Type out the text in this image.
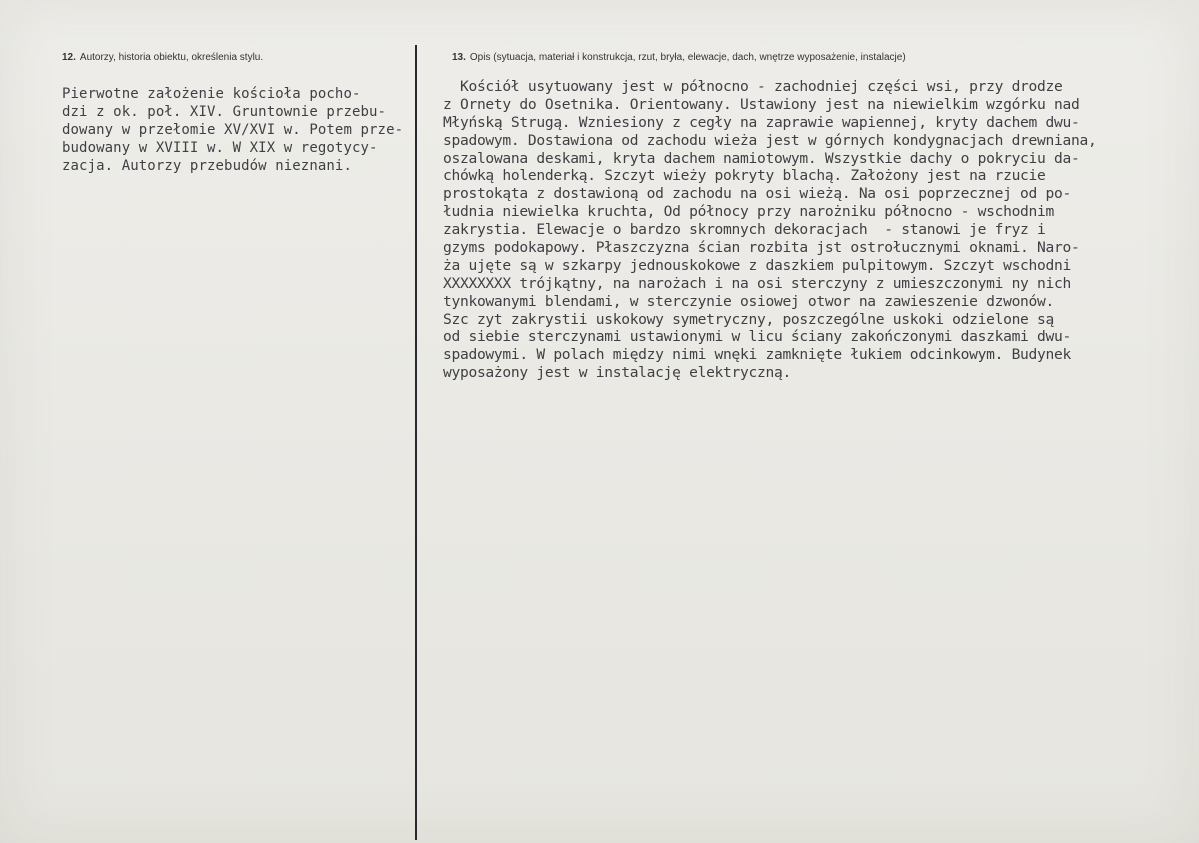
12. Autorzy, historia obiektu, określenia stylu.	13. Opis (sytuacja, materiał i konstrukcja, rzut, bryła, elewacje, dach, wnętrze wyposażenie, instalacje)
Pierwotne założenie kościoła pocho-
dzi z ok. poł. XIV. Gruntownie przebu-
dowany w przełomie XV/XVI w. Potem prze-
budowany w XVIII w. W XIX w regotycy-
zacja. Autorzy przebudów nieznani.
Kościół usytuowany jest w północno - zachodniej części wsi, przy drodze
z Ornety do Osetnika. Orientowany. Ustawiony jest na niewielkim wzgórku nad
Młyńską Strugą. Wzniesiony z cegły na zaprawie wapiennej, kryty dachem dwu-
spadowym. Dostawiona od zachodu wieża jest w górnych kondygnacjach drewniana,
oszalowana deskami, kryta dachem namiotowym. Wszystkie dachy o pokryciu da-
chówką holenderką. Szczyt wieży pokryty blachą. Założony jest na rzucie
prostokąta z dostawioną od zachodu na osi wieżą. Na osi poprzecznej od po-
łudnia niewielka kruchta, Od północy przy narożniku północno - wschodnim
zakrystia. Elewacje o bardzo skromnych dekoracjach  - stanowi je fryz i
gzyms podokapowy. Płaszczyzna ścian rozbita jst ostrołucznymi oknami. Naro-
ża ujęte są w szkarpy jednouskokowe z daszkiem pulpitowym. Szczyt wschodni
XXXXXXXX trójkątny, na narożach i na osi sterczyny z umieszczonymi ny nich
tynkowanymi blendami, w sterczynie osiowej otwor na zawieszenie dzwonów.
Szc zyt zakrystii uskokowy symetryczny, poszczególne uskoki odzielone są
od siebie sterczynami ustawionymi w licu ściany zakończonymi daszkami dwu-
spadowymi. W polach między nimi wnęki zamknięte łukiem odcinkowym. Budynek
wyposażony jest w instalację elektryczną.
